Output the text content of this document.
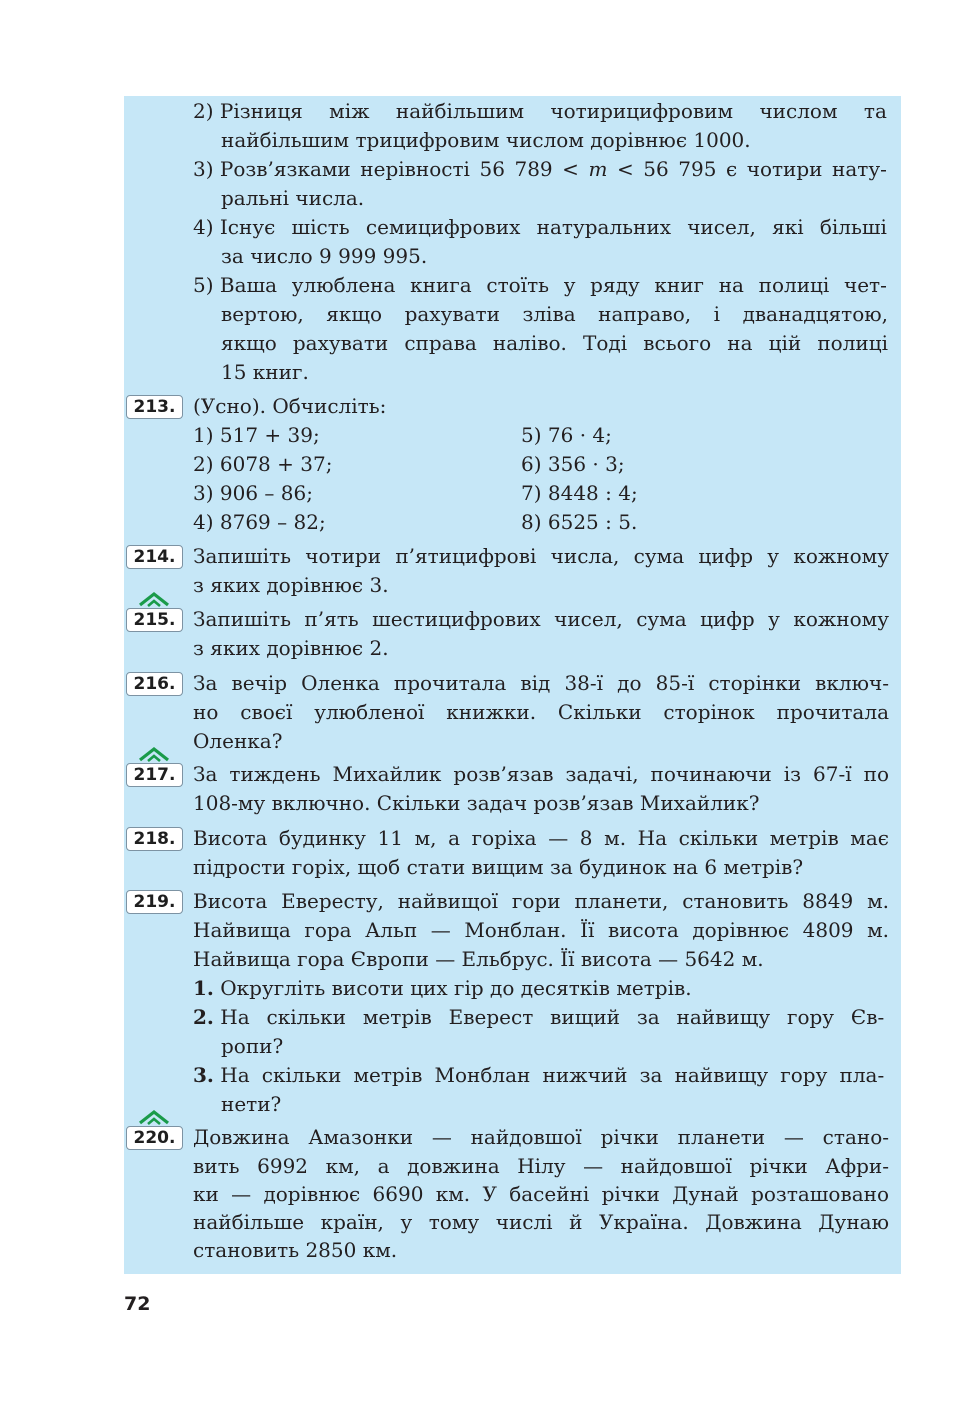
2) Різниця між найбільшим чотирицифровим числом та

найбільшим трицифровим числом дорівнює 1000.

3) Розв’язками нерівності 56 789 < m < 56 795 є чотири нату-

ральні числа.

4) Існує шість семицифрових натуральних чисел, які більші

за число 9 999 995.

5) Ваша улюблена книга стоїть у ряду книг на полиці чет-

вертою, якщо рахувати зліва направо, і дванадцятою,

якщо рахувати справа наліво. Тоді всього на цій полиці

15 книг.

213. (Усно). Обчисліть:

1) 517 + 39;

2) 6078 + 37;

3) 906 – 86;

4) 8769 – 82;

5) 76 · 4;

6) 356 · 3;

7) 8448 : 4;

8) 6525 : 5.

214. Запишіть чотири п’ятицифрові числа, сума цифр у кожному

з яких дорівнює 3.

215. Запишіть п’ять шестицифрових чисел, сума цифр у кожному

з яких дорівнює 2.

216. За вечір Оленка прочитала від 38-ї до 85-ї сторінки включ-

но своєї улюбленої книжки. Скільки сторінок прочитала

Оленка?

217. За тиждень Михайлик розв’язав задачі, починаючи із 67-ї по

108-му включно. Скільки задач розв’язав Михайлик?

218. Висота будинку 11 м, а горіха — 8 м. На скільки метрів має

підрости горіх, щоб стати вищим за будинок на 6 метрів?

219. Висота Евересту, найвищої гори планети, становить 8849 м.

Найвища гора Альп — Монблан. Її висота дорівнює 4809 м.

Найвища гора Європи — Ельбрус. Її висота — 5642 м.

1. Округліть висоти цих гір до десятків метрів.

2. На скільки метрів Еверест вищий за найвищу гору Єв-

ропи?

3. На скільки метрів Монблан нижчий за найвищу гору пла-

нети?

220. Довжина Амазонки — найдовшої річки планети — стано-

вить 6992 км, а довжина Нілу — найдовшої річки Афри-

ки — дорівнює 6690 км. У басейні річки Дунай розташовано

найбільше країн, у тому числі й Україна. Довжина Дунаю

становить 2850 км.

72
